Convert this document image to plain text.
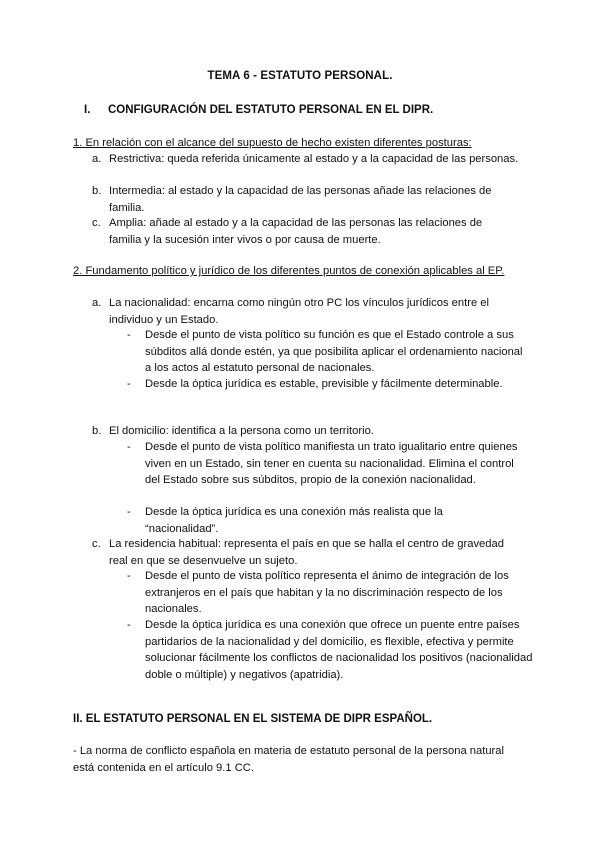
TEMA 6 - ESTATUTO PERSONAL.
I. CONFIGURACIÓN DEL ESTATUTO PERSONAL EN EL DIPR.
1. En relación con el alcance del supuesto de hecho existen diferentes posturas:
a. Restrictiva: queda referida únicamente al estado y a la capacidad de las personas.
b. Intermedia: al estado y la capacidad de las personas añade las relaciones de familia.
c. Amplia: añade al estado y a la capacidad de las personas las relaciones de familia y la sucesión inter vivos o por causa de muerte.
2. Fundamento político y jurídico de los diferentes puntos de conexión aplicables al EP.
a. La nacionalidad: encarna como ningún otro PC los vínculos jurídicos entre el individuo y un Estado.
- Desde el punto de vista político su función es que el Estado controle a sus súbditos allá donde estén, ya que posibilita aplicar el ordenamiento nacional a los actos al estatuto personal de nacionales.
- Desde la óptica jurídica es estable, previsible y fácilmente determinable.
b. El domicilio: identifica a la persona como un territorio.
- Desde el punto de vista político manifiesta un trato igualitario entre quienes viven en un Estado, sin tener en cuenta su nacionalidad. Elimina el control del Estado sobre sus súbditos, propio de la conexión nacionalidad.
- Desde la óptica jurídica es una conexión más realista que la “nacionalidad”.
c. La residencia habitual: representa el país en que se halla el centro de gravedad real en que se desenvuelve un sujeto.
- Desde el punto de vista político representa el ánimo de integración de los extranjeros en el país que habitan y la no discriminación respecto de los nacionales.
- Desde la óptica jurídica es una conexión que ofrece un puente entre países partidarios de la nacionalidad y del domicilio, es flexible, efectiva y permite solucionar fácilmente los conflictos de nacionalidad los positivos (nacionalidad doble o múltiple) y negativos (apatridia).
II. EL ESTATUTO PERSONAL EN EL SISTEMA DE DIPR ESPAÑOL.
- La norma de conflicto española en materia de estatuto personal de la persona natural está contenida en el artículo 9.1 CC.
